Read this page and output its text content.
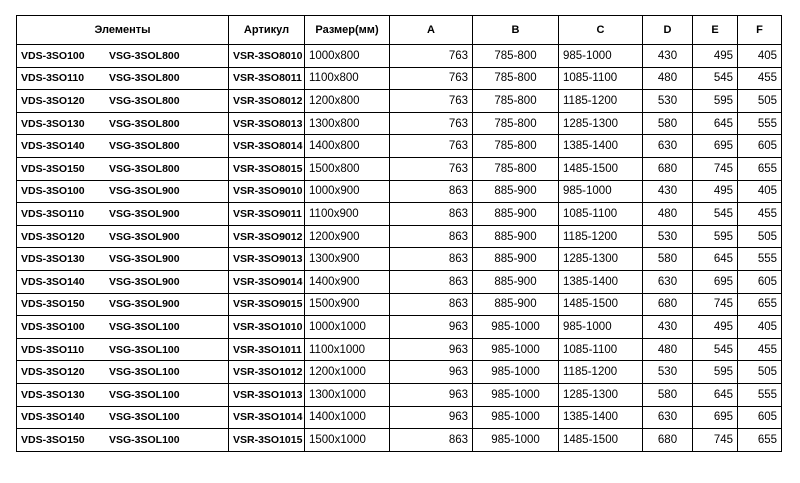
Элементы	Артикул	Размер(мм)	A	B	C	D	E	F
VDS-3SO100 VSG-3SOL800	VSR-3SO8010	1000x800	763	785-800	985-1000	430	495	405
VDS-3SO110 VSG-3SOL800	VSR-3SO8011	1100x800	763	785-800	1085-1100	480	545	455
VDS-3SO120 VSG-3SOL800	VSR-3SO8012	1200x800	763	785-800	1185-1200	530	595	505
VDS-3SO130 VSG-3SOL800	VSR-3SO8013	1300x800	763	785-800	1285-1300	580	645	555
VDS-3SO140 VSG-3SOL800	VSR-3SO8014	1400x800	763	785-800	1385-1400	630	695	605
VDS-3SO150 VSG-3SOL800	VSR-3SO8015	1500x800	763	785-800	1485-1500	680	745	655
VDS-3SO100 VSG-3SOL900	VSR-3SO9010	1000x900	863	885-900	985-1000	430	495	405
VDS-3SO110 VSG-3SOL900	VSR-3SO9011	1100x900	863	885-900	1085-1100	480	545	455
VDS-3SO120 VSG-3SOL900	VSR-3SO9012	1200x900	863	885-900	1185-1200	530	595	505
VDS-3SO130 VSG-3SOL900	VSR-3SO9013	1300x900	863	885-900	1285-1300	580	645	555
VDS-3SO140 VSG-3SOL900	VSR-3SO9014	1400x900	863	885-900	1385-1400	630	695	605
VDS-3SO150 VSG-3SOL900	VSR-3SO9015	1500x900	863	885-900	1485-1500	680	745	655
VDS-3SO100 VSG-3SOL100	VSR-3SO1010	1000x1000	963	985-1000	985-1000	430	495	405
VDS-3SO110 VSG-3SOL100	VSR-3SO1011	1100x1000	963	985-1000	1085-1100	480	545	455
VDS-3SO120 VSG-3SOL100	VSR-3SO1012	1200x1000	963	985-1000	1185-1200	530	595	505
VDS-3SO130 VSG-3SOL100	VSR-3SO1013	1300x1000	963	985-1000	1285-1300	580	645	555
VDS-3SO140 VSG-3SOL100	VSR-3SO1014	1400x1000	963	985-1000	1385-1400	630	695	605
VDS-3SO150 VSG-3SOL100	VSR-3SO1015	1500x1000	863	985-1000	1485-1500	680	745	655
